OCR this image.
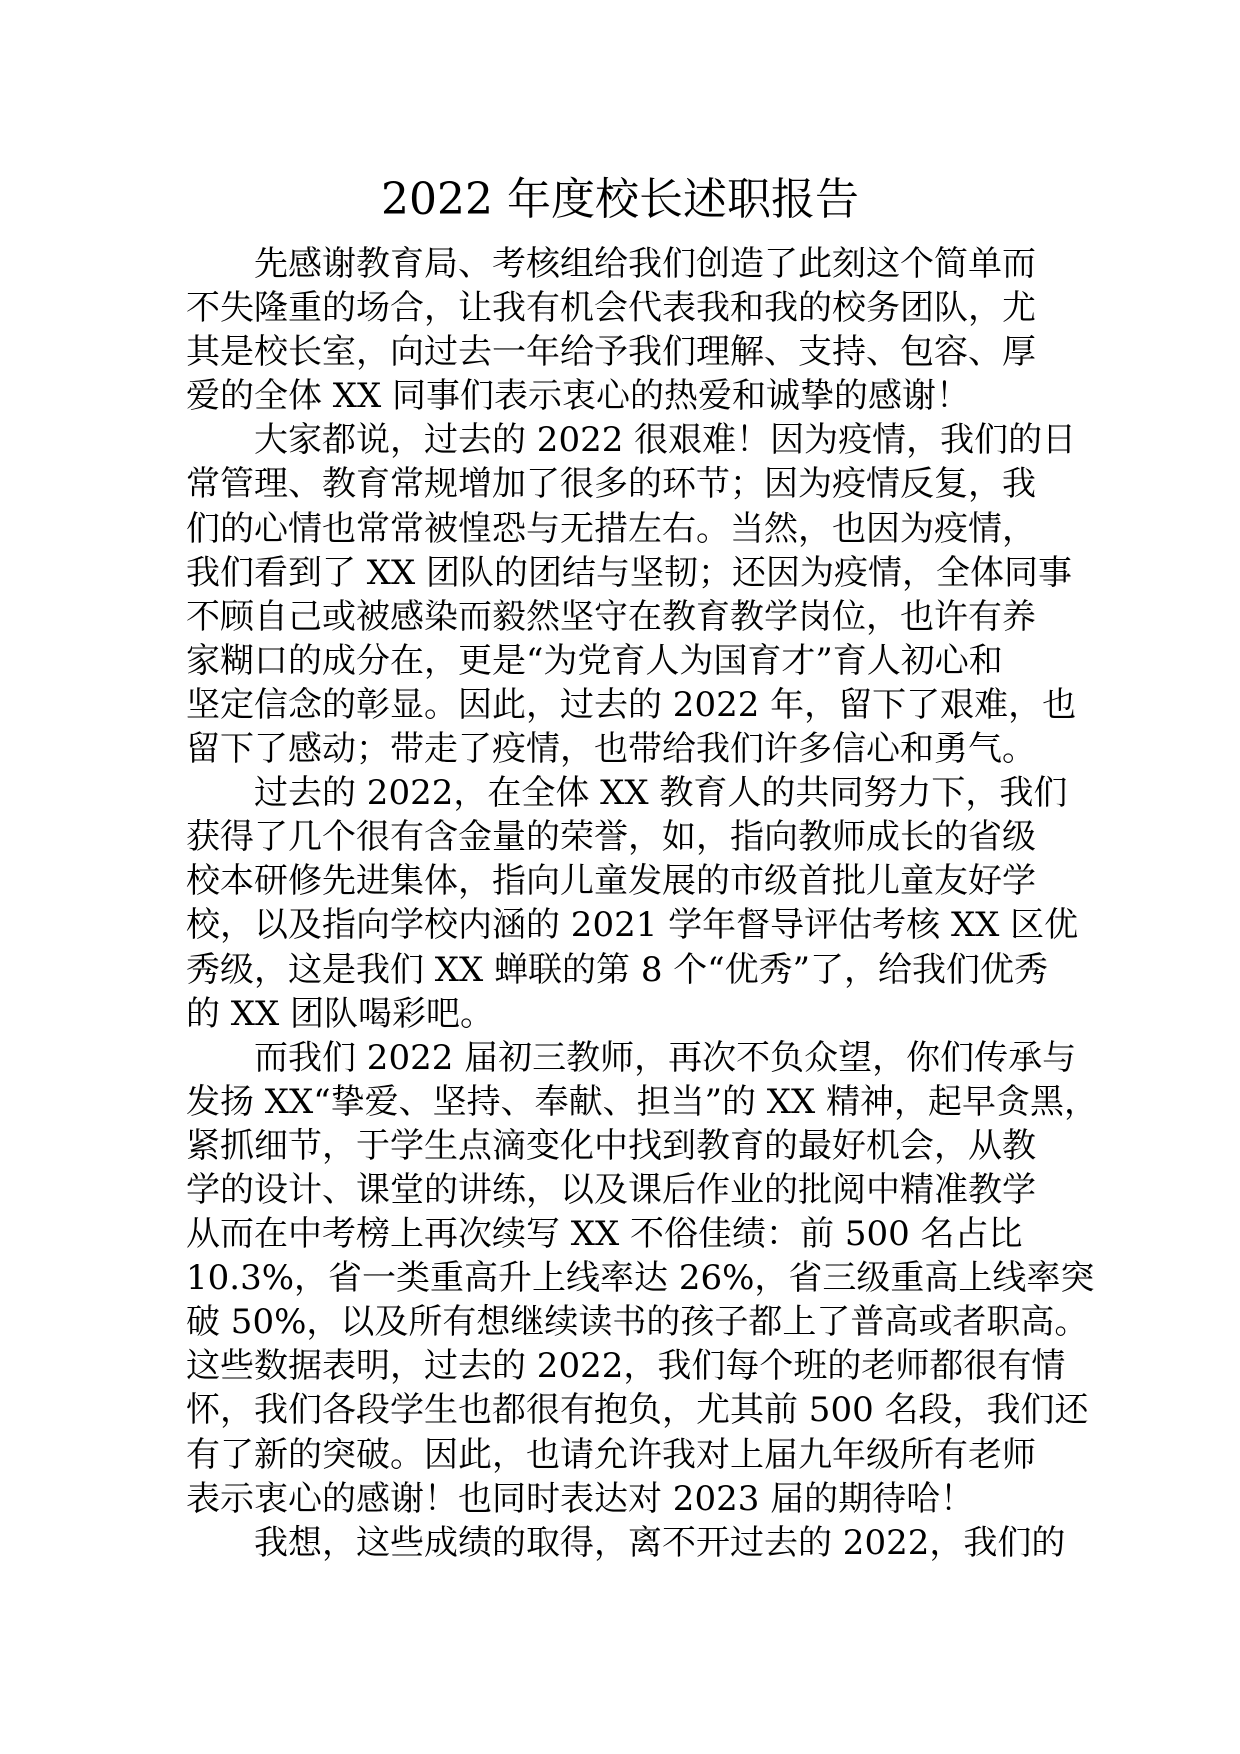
2022 年度校长述职报告

先感谢教育局、考核组给我们创造了此刻这个简单而
不失隆重的场合，让我有机会代表我和我的校务团队，尤
其是校长室，向过去一年给予我们理解、支持、包容、厚
爱的全体 XX 同事们表示衷心的热爱和诚挚的感谢！

大家都说，过去的 2022 很艰难！因为疫情，我们的日
常管理、教育常规增加了很多的环节；因为疫情反复，我
们的心情也常常被惶恐与无措左右。当然，也因为疫情，
我们看到了 XX 团队的团结与坚韧；还因为疫情，全体同事
不顾自己或被感染而毅然坚守在教育教学岗位，也许有养
家糊口的成分在，更是“为党育人为国育才”育人初心和
坚定信念的彰显。因此，过去的 2022 年，留下了艰难，也
留下了感动；带走了疫情，也带给我们许多信心和勇气。

过去的 2022，在全体 XX 教育人的共同努力下，我们
获得了几个很有含金量的荣誉，如，指向教师成长的省级
校本研修先进集体，指向儿童发展的市级首批儿童友好学
校，以及指向学校内涵的 2021 学年督导评估考核 XX 区优
秀级，这是我们 XX 蝉联的第 8 个“优秀”了，给我们优秀
的 XX 团队喝彩吧。

而我们 2022 届初三教师，再次不负众望，你们传承与
发扬 XX“挚爱、坚持、奉献、担当”的 XX 精神，起早贪黑，
紧抓细节，于学生点滴变化中找到教育的最好机会，从教
学的设计、课堂的讲练，以及课后作业的批阅中精准教学
从而在中考榜上再次续写 XX 不俗佳绩：前 500 名占比
10.3%，省一类重高升上线率达 26%，省三级重高上线率突
破 50%，以及所有想继续读书的孩子都上了普高或者职高。
这些数据表明，过去的 2022，我们每个班的老师都很有情
怀，我们各段学生也都很有抱负，尤其前 500 名段，我们还
有了新的突破。因此，也请允许我对上届九年级所有老师
表示衷心的感谢！也同时表达对 2023 届的期待哈！

我想，这些成绩的取得，离不开过去的 2022，我们的
